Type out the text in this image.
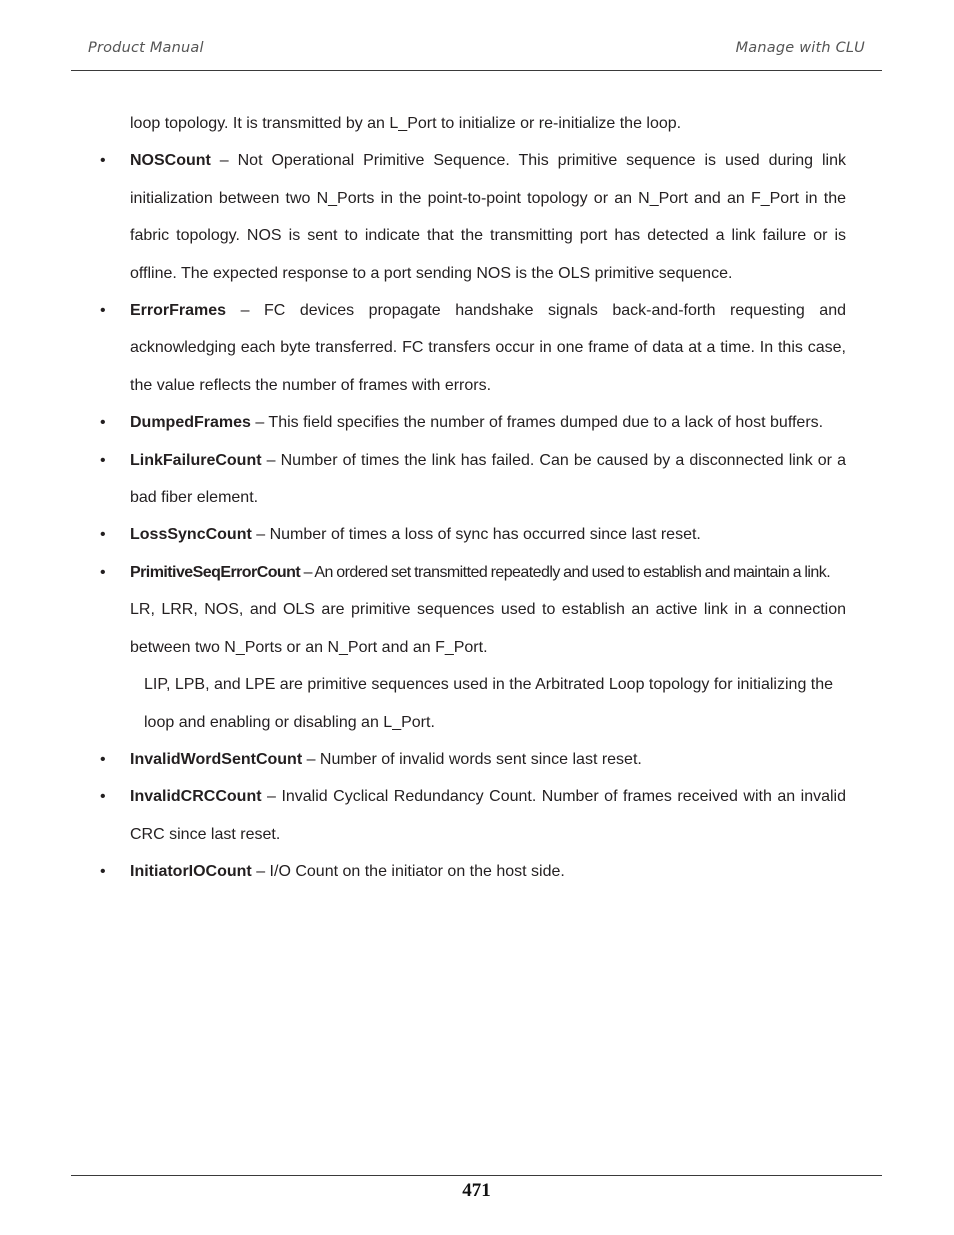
Product Manual	Manage with CLU

loop topology. It is transmitted by an L_Port to initialize or re-initialize the loop.

•	NOSCount – Not Operational Primitive Sequence. This primitive sequence is used during link initialization between two N_Ports in the point-to-point topology or an N_Port and an F_Port in the fabric topology. NOS is sent to indicate that the transmitting port has detected a link failure or is offline. The expected response to a port sending NOS is the OLS primitive sequence.

•	ErrorFrames – FC devices propagate handshake signals back-and-forth requesting and acknowledging each byte transferred. FC transfers occur in one frame of data at a time. In this case, the value reflects the number of frames with errors.

•	DumpedFrames – This field specifies the number of frames dumped due to a lack of host buffers.

•	LinkFailureCount – Number of times the link has failed. Can be caused by a disconnected link or a bad fiber element.

•	LossSyncCount – Number of times a loss of sync has occurred since last reset.

•	PrimitiveSeqErrorCount – An ordered set transmitted repeatedly and used to establish and maintain a link.
LR, LRR, NOS, and OLS are primitive sequences used to establish an active link in a connection between two N_Ports or an N_Port and an F_Port.

LIP, LPB, and LPE are primitive sequences used in the Arbitrated Loop topology for initializing the loop and enabling or disabling an L_Port.

•	InvalidWordSentCount – Number of invalid words sent since last reset.

•	InvalidCRCCount – Invalid Cyclical Redundancy Count. Number of frames received with an invalid CRC since last reset.

•	InitiatorIOCount – I/O Count on the initiator on the host side.

471
